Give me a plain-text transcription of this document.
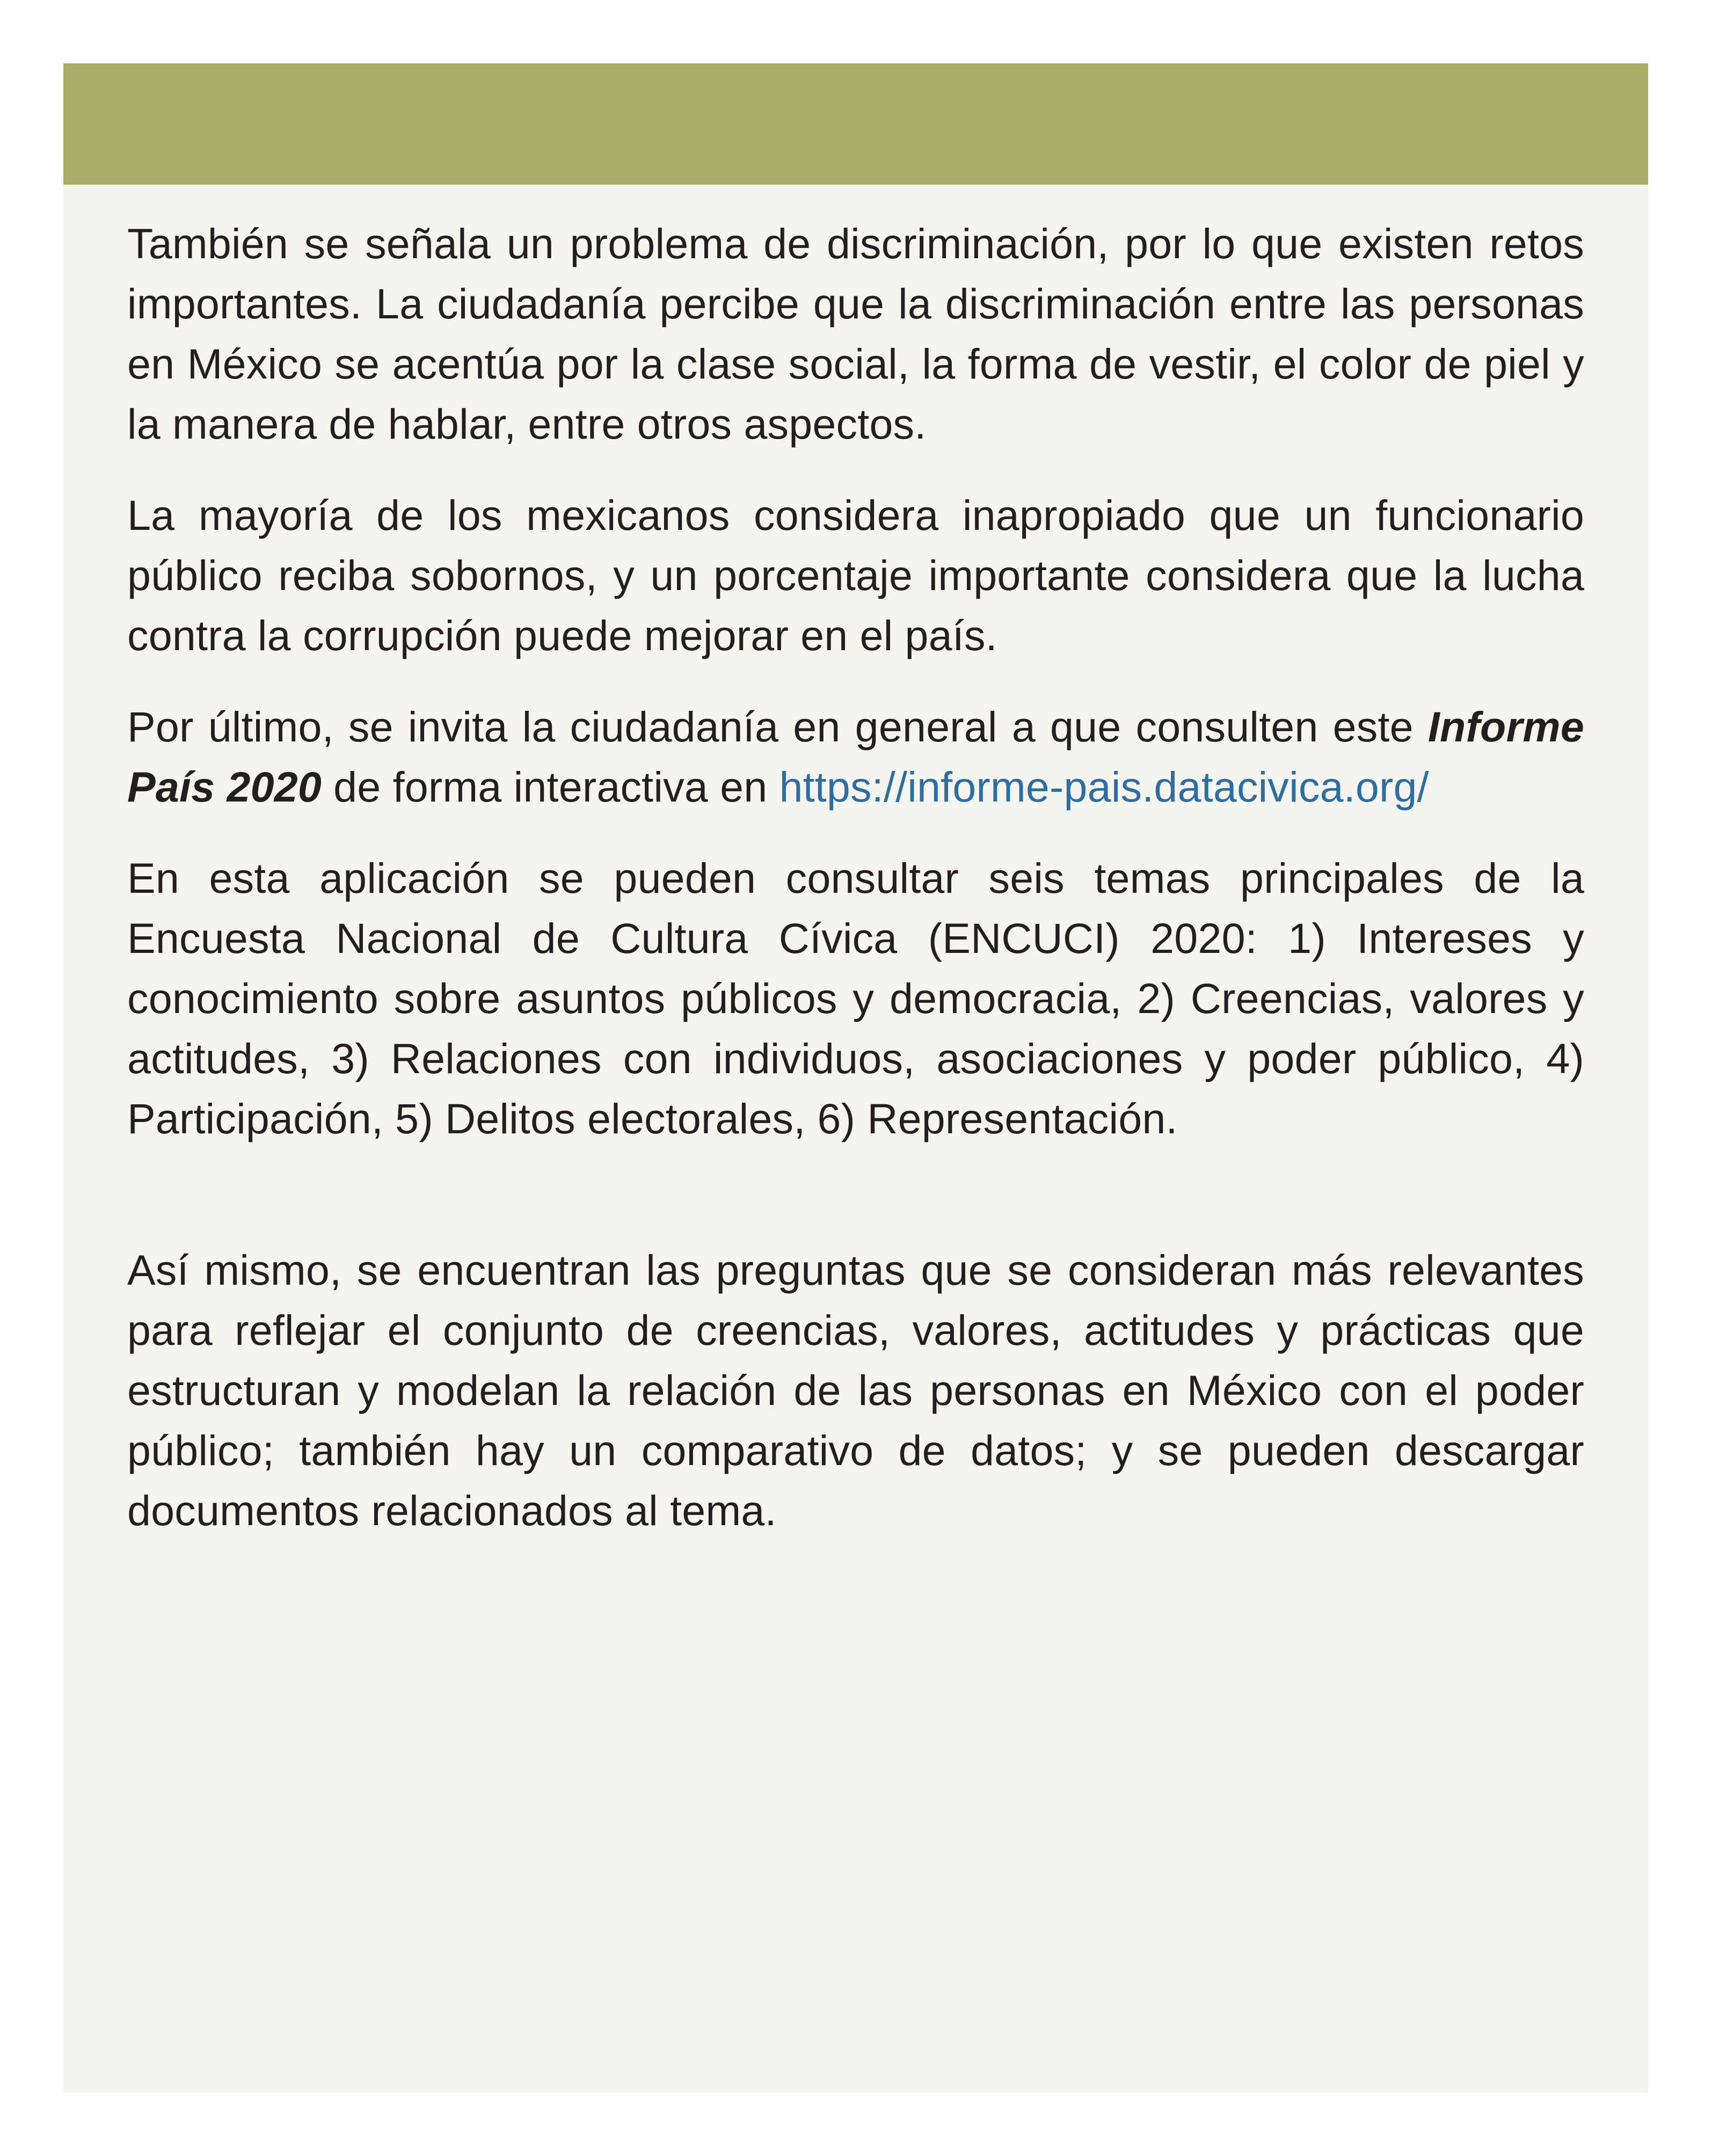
También se señala un problema de discriminación, por lo que existen retos importantes. La ciudadanía percibe que la discriminación entre las personas en México se acentúa por la clase social, la forma de vestir, el color de piel y la manera de hablar, entre otros aspectos.

La mayoría de los mexicanos considera inapropiado que un funcionario público reciba sobornos, y un porcentaje importante considera que la lucha contra la corrupción puede mejorar en el país.

Por último, se invita la ciudadanía en general a que consulten este Informe País 2020 de forma interactiva en https://informe-pais.datacivica.org/

En esta aplicación se pueden consultar seis temas principales de la Encuesta Nacional de Cultura Cívica (ENCUCI) 2020: 1) Intereses y conocimiento sobre asuntos públicos y democracia, 2) Creencias, valores y actitudes, 3) Relaciones con individuos, asociaciones y poder público, 4) Participación, 5) Delitos electorales, 6) Representación.

Así mismo, se encuentran las preguntas que se consideran más relevantes para reflejar el conjunto de creencias, valores, actitudes y prácticas que estructuran y modelan la relación de las personas en México con el poder público; también hay un comparativo de datos; y se pueden descargar documentos relacionados al tema.
